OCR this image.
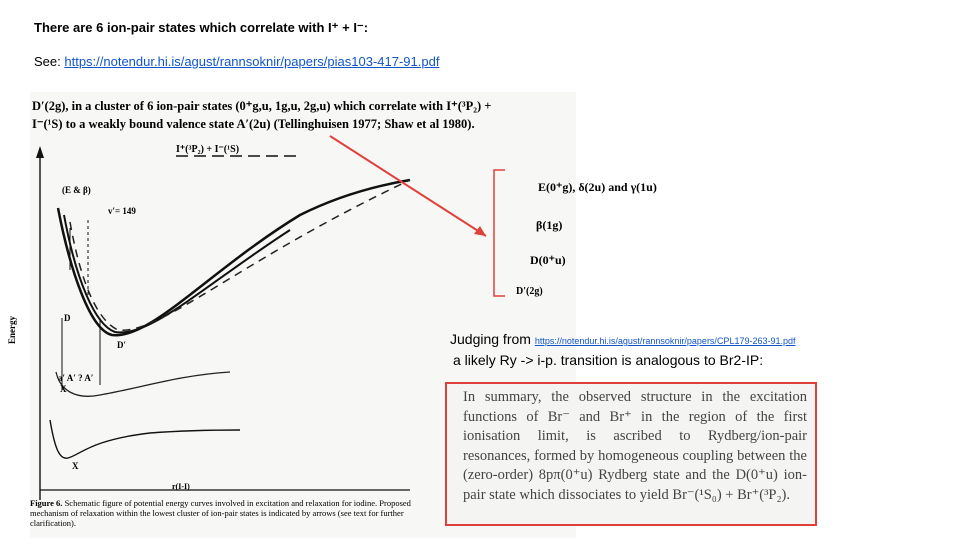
There are 6 ion-pair states which correlate with I⁺ + I⁻:
See: https://notendur.hi.is/agust/rannsoknir/papers/pias103-417-91.pdf
D′(2g), in a cluster of 6 ion-pair states (0⁺g,u, 1g,u, 2g,u) which correlate with I⁺(³P₂) +
I⁻(¹S) to a weakly bound valence state A′(2u) (Tellinghuisen 1977; Shaw et al 1980).
I⁺(³P₂) + I⁻(¹S)
(E & β)
v′= 149
D
D′
a′ A′ ? A′
X
X
r(I-I)
Energy
Figure 6. Schematic figure of potential energy curves involved in excitation and relaxation for iodine. Proposed mechanism of relaxation within the lowest cluster of ion-pair states is indicated by arrows (see text for further clarification).
E(0⁺g), δ(2u) and γ(1u)
β(1g)
D(0⁺u)
D′(2g)
Judging from https://notendur.hi.is/agust/rannsoknir/papers/CPL179-263-91.pdf
a likely Ry -> i-p. transition is analogous to Br2-IP:
In summary, the observed structure in the excitation functions of Br⁻ and Br⁺ in the region of the first ionisation limit, is ascribed to Rydberg/ion-pair resonances, formed by homogeneous coupling between the (zero-order) 8pπ(0⁺u) Rydberg state and the D(0⁺u) ion-pair state which dissociates to yield Br⁻(¹S₀) + Br⁺(³P₂).
